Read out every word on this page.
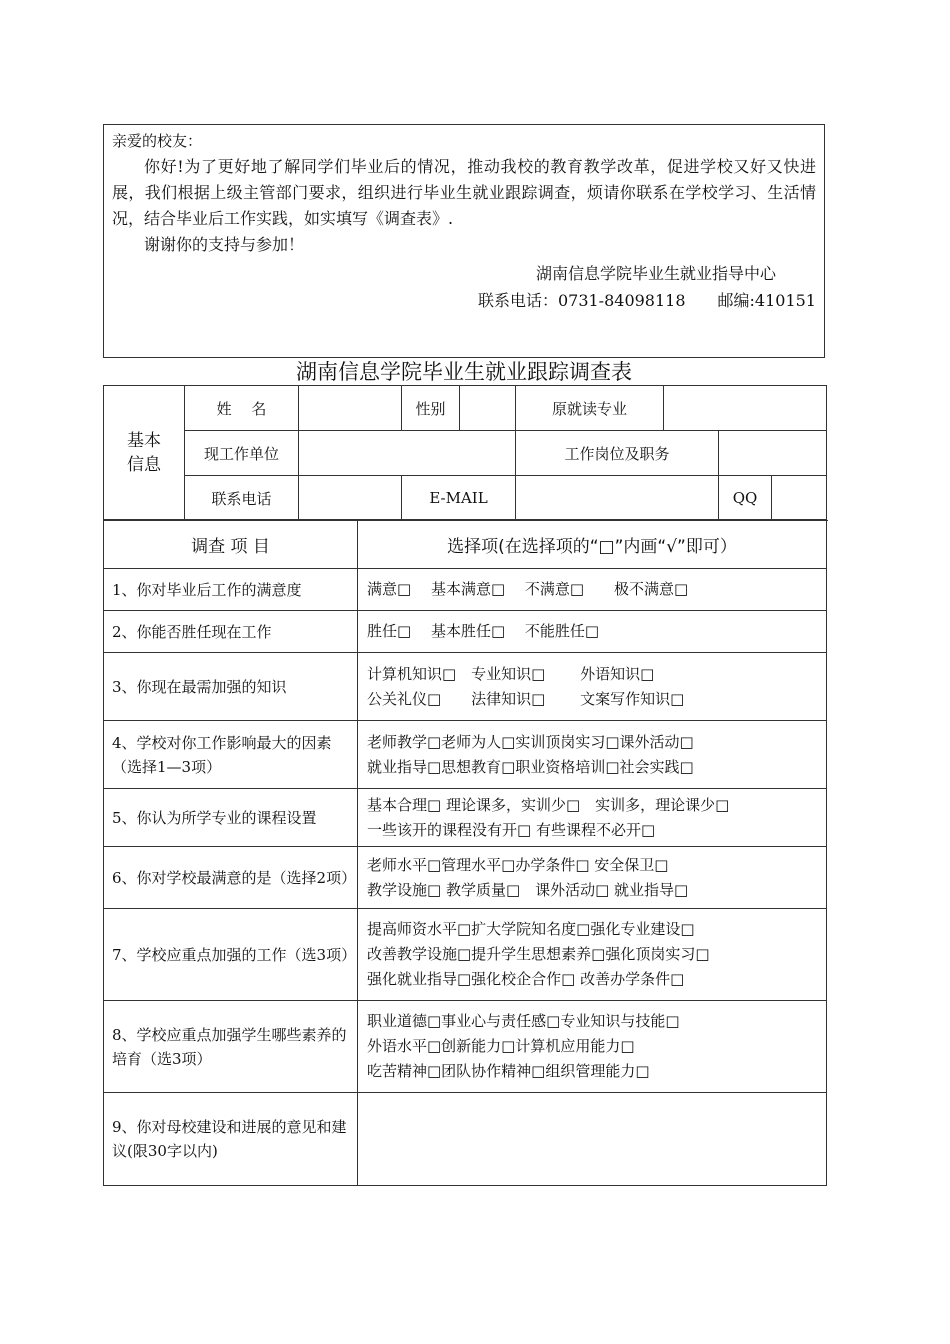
亲爱的校友：
你好!为了更好地了解同学们毕业后的情况，推动我校的教育教学改革，促进学校又好又快进展，我们根据上级主管部门要求，组织进行毕业生就业跟踪调查，烦请你联系在学校学习、生活情况，结合毕业后工作实践，如实填写《调查表》.
谢谢你的支持与参加！
湖南信息学院毕业生就业指导中心
联系电话：0731-84098118　　邮编:410151
湖南信息学院毕业生就业跟踪调查表
基本信息	姓　 名		性别		原就读专业			
	现工作单位				工作岗位及职务			
	联系电话		E-MAIL				QQ	
调查 项 目	选择项(在选择项的“□”内画“√”即可）
1、你对毕业后工作的满意度	满意□　 基本满意□　 不满意□　　极不满意□

2、你能否胜任现在工作	胜任□　 基本胜任□　 不能胜任□

3、你现在最需加强的知识	计算机知识□　专业知识□　　 外语知识□
公关礼仪□　　法律知识□　　 文案写作知识□

4、学校对你工作影响最大的因素（选择1—3项）	老师教学□老师为人□实训顶岗实习□课外活动□
就业指导□思想教育□职业资格培训□社会实践□

5、你认为所学专业的课程设置	基本合理□ 理论课多，实训少□　实训多，理论课少□
一些该开的课程没有开□ 有些课程不必开□

6、你对学校最满意的是（选择2项）	老师水平□管理水平□办学条件□ 安全保卫□
教学设施□ 教学质量□　课外活动□ 就业指导□

7、学校应重点加强的工作（选3项）	提高师资水平□扩大学院知名度□强化专业建设□
改善教学设施□提升学生思想素养□强化顶岗实习□
强化就业指导□强化校企合作□ 改善办学条件□

8、学校应重点加强学生哪些素养的培育（选3项）	职业道德□事业心与责任感□专业知识与技能□
外语水平□创新能力□计算机应用能力□
吃苦精神□团队协作精神□组织管理能力□

9、你对母校建设和进展的意见和建议(限30字以内)	
